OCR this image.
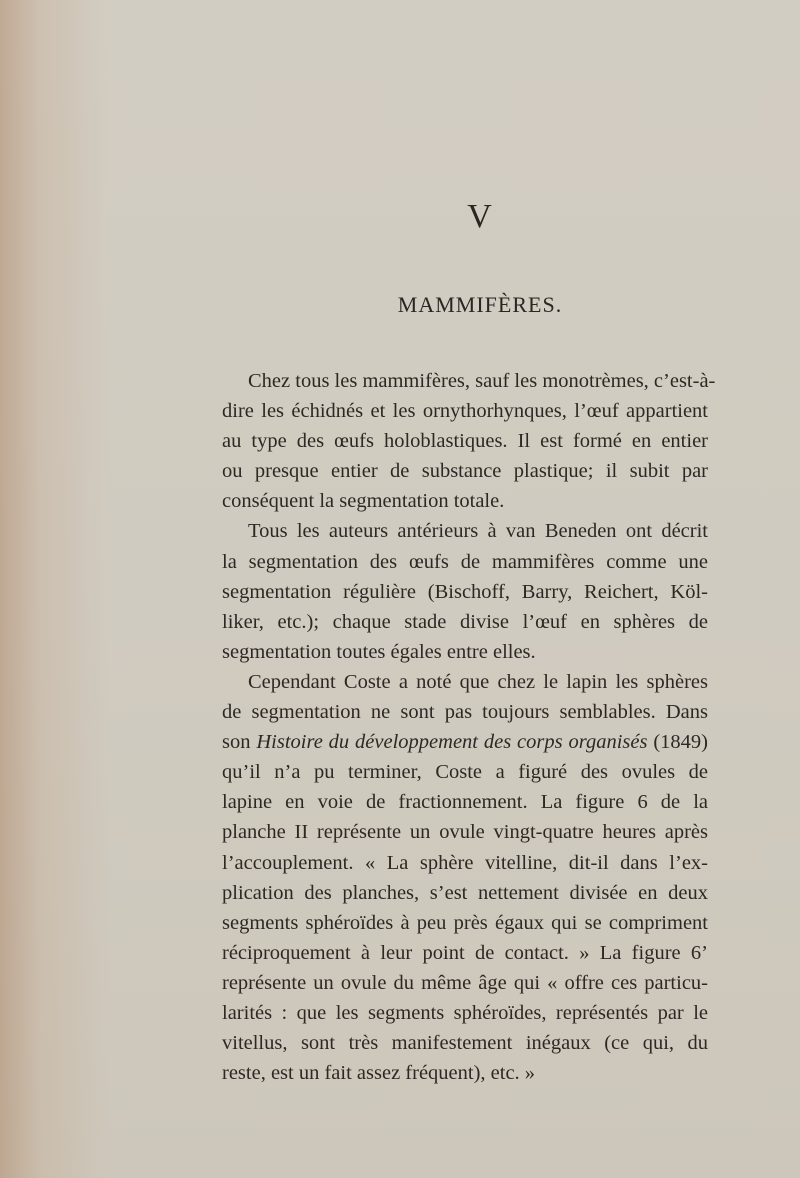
V
MAMMIFÈRES.
Chez tous les mammifères, sauf les monotrèmes, c’est-à-
dire les échidnés et les ornythorhynques, l’œuf appartient
au type des œufs holoblastiques. Il est formé en entier
ou presque entier de substance plastique; il subit par
conséquent la segmentation totale.
Tous les auteurs antérieurs à van Beneden ont décrit
la segmentation des œufs de mammifères comme une
segmentation régulière (Bischoff, Barry, Reichert, Köl-
liker, etc.); chaque stade divise l’œuf en sphères de
segmentation toutes égales entre elles.
Cependant Coste a noté que chez le lapin les sphères
de segmentation ne sont pas toujours semblables. Dans
son Histoire du développement des corps organisés (1849)
qu’il n’a pu terminer, Coste a figuré des ovules de
lapine en voie de fractionnement. La figure 6 de la
planche II représente un ovule vingt-quatre heures après
l’accouplement. « La sphère vitelline, dit-il dans l’ex-
plication des planches, s’est nettement divisée en deux
segments sphéroïdes à peu près égaux qui se compriment
réciproquement à leur point de contact. » La figure 6’
représente un ovule du même âge qui « offre ces particu-
larités : que les segments sphéroïdes, représentés par le
vitellus, sont très manifestement inégaux (ce qui, du
reste, est un fait assez fréquent), etc. »
